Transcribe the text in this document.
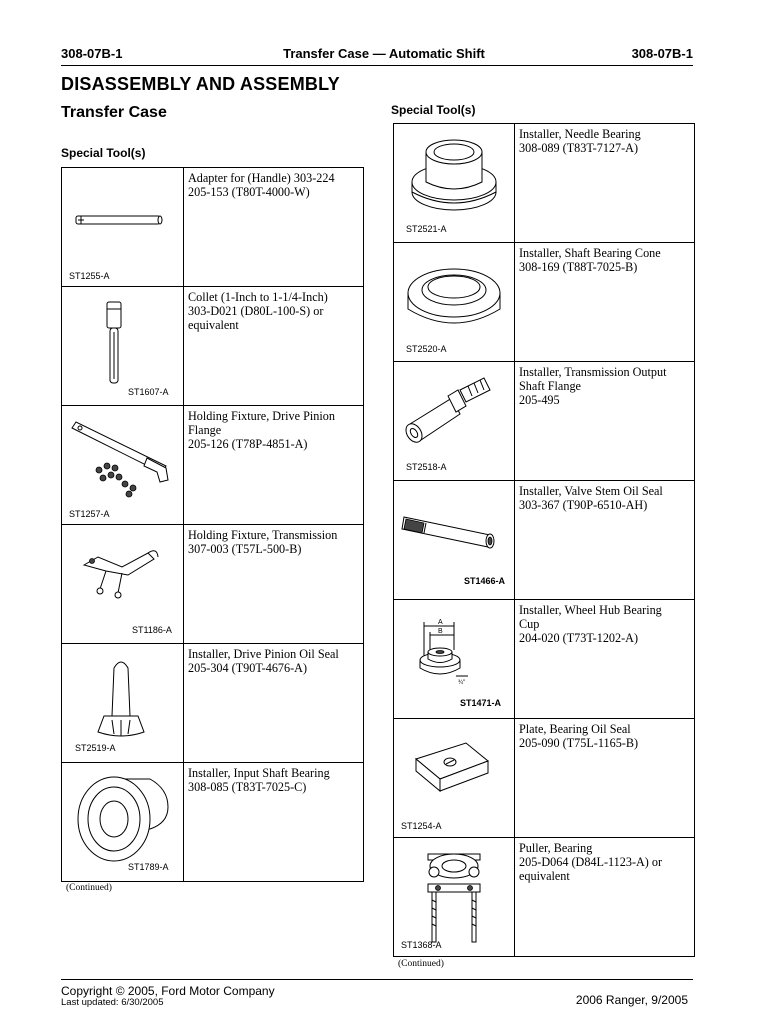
308-07B-1	Transfer Case — Automatic Shift	308-07B-1
DISASSEMBLY AND ASSEMBLY
Transfer Case
Special Tool(s)
Special Tool(s)
ST1255-A	Adapter for (Handle) 303-224
205-153 (T80T-4000-W)

ST1607-A	Collet (1-Inch to 1-1/4-Inch)
303-D021 (D80L-100-S) or
equivalent

ST1257-A	Holding Fixture, Drive Pinion
Flange
205-126 (T78P-4851-A)

ST1186-A	Holding Fixture, Transmission
307-003 (T57L-500-B)

ST2519-A	Installer, Drive Pinion Oil Seal
205-304 (T90T-4676-A)

ST1789-A	Installer, Input Shaft Bearing
308-085 (T83T-7025-C)
(Continued)
ST2521-A	Installer, Needle Bearing
308-089 (T83T-7127-A)

ST2520-A	Installer, Shaft Bearing Cone
308-169 (T88T-7025-B)

ST2518-A	Installer, Transmission Output
Shaft Flange
205-495

ST1466-A	Installer, Valve Stem Oil Seal
303-367 (T90P-6510-AH)

A
B
¾"
ST1471-A	Installer, Wheel Hub Bearing
Cup
204-020 (T73T-1202-A)

ST1254-A	Plate, Bearing Oil Seal
205-090 (T75L-1165-B)

ST1368-A	Puller, Bearing
205-D064 (D84L-1123-A) or
equivalent
(Continued)
Copyright © 2005, Ford Motor Company
Last updated: 6/30/2005	2006 Ranger, 9/2005
